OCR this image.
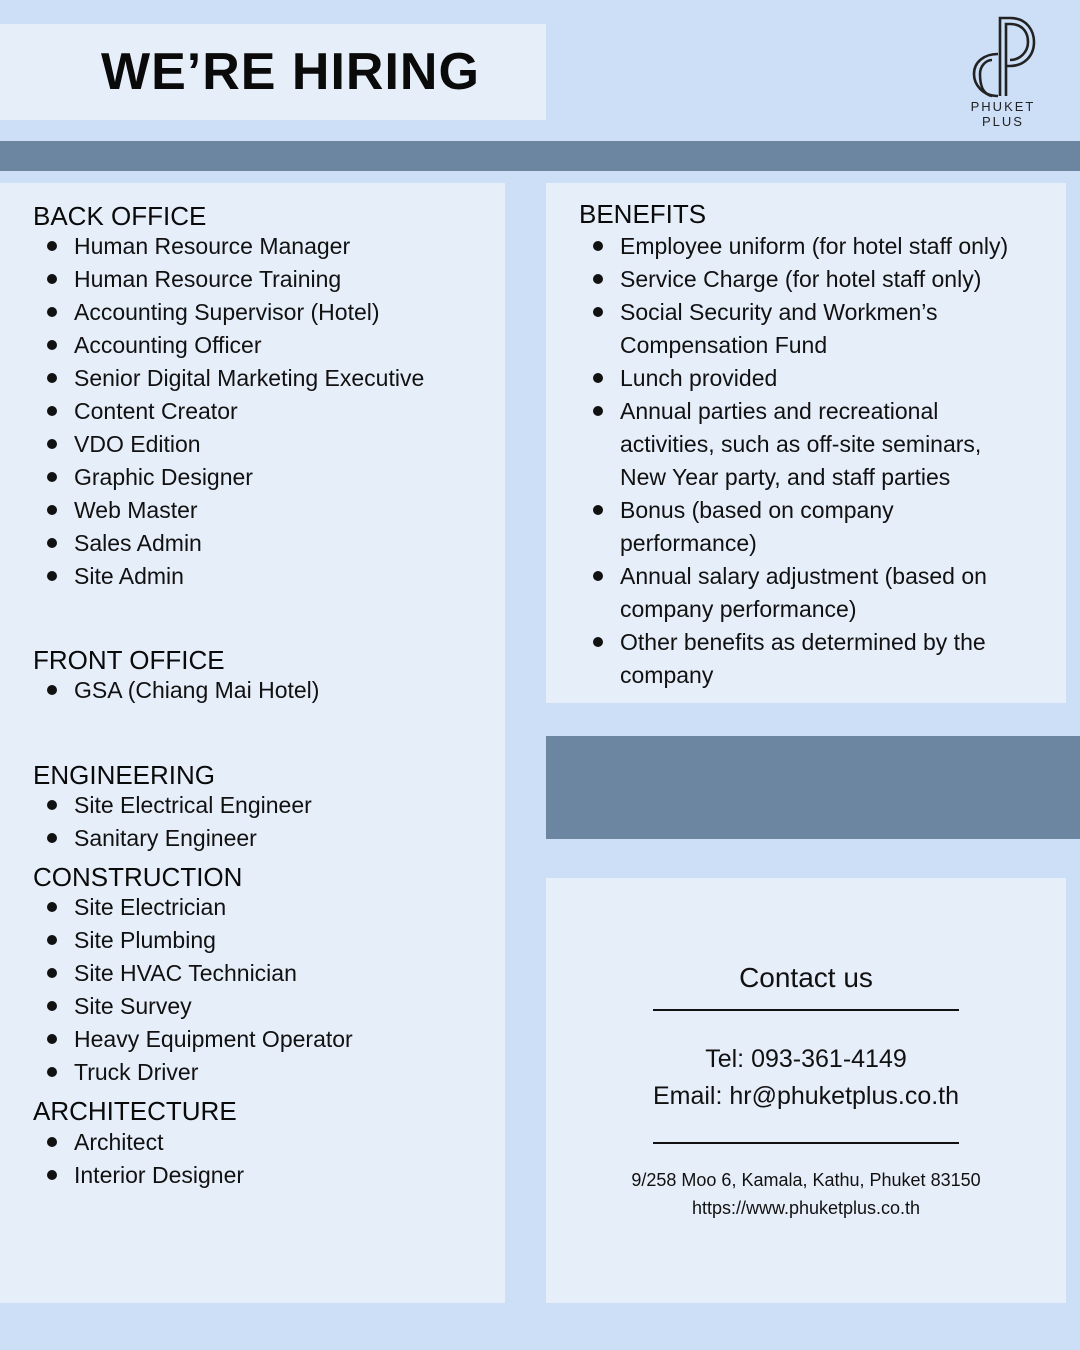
WE’RE HIRING
PHUKET
PLUS
BACK OFFICE
Human Resource Manager
Human Resource Training
Accounting Supervisor (Hotel)
Accounting Officer
Senior Digital Marketing Executive
Content Creator
VDO Edition
Graphic Designer
Web Master
Sales Admin
Site Admin
FRONT OFFICE
GSA (Chiang Mai Hotel)
ENGINEERING
Site Electrical Engineer
Sanitary Engineer
CONSTRUCTION
Site Electrician
Site Plumbing
Site HVAC Technician
Site Survey
Heavy Equipment Operator
Truck Driver
ARCHITECTURE
Architect
Interior Designer
BENEFITS
Employee uniform (for hotel staff only)
Service Charge (for hotel staff only)
Social Security and Workmen’s Compensation Fund
Lunch provided
Annual parties and recreational activities, such as off-site seminars, New Year party, and staff parties
Bonus (based on company performance)
Annual salary adjustment (based on company performance)
Other benefits as determined by the company
Contact us
Tel: 093-361-4149
Email: hr@phuketplus.co.th
9/258 Moo 6, Kamala, Kathu, Phuket 83150
https://www.phuketplus.co.th
